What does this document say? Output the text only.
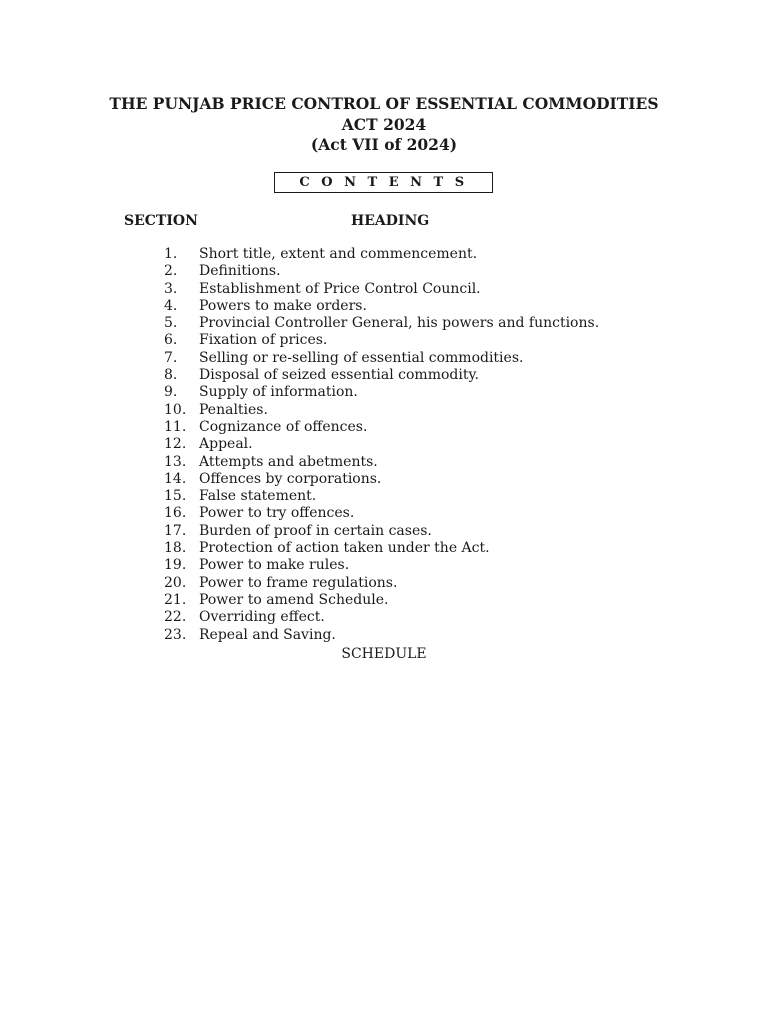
THE PUNJAB PRICE CONTROL OF ESSENTIAL COMMODITIES
ACT 2024
(Act VII of 2024)
C O N T E N T S
SECTION	HEADING
1. Short title, extent and commencement.
2. Definitions.
3. Establishment of Price Control Council.
4. Powers to make orders.
5. Provincial Controller General, his powers and functions.
6. Fixation of prices.
7. Selling or re-selling of essential commodities.
8. Disposal of seized essential commodity.
9. Supply of information.
10. Penalties.
11. Cognizance of offences.
12. Appeal.
13. Attempts and abetments.
14. Offences by corporations.
15. False statement.
16. Power to try offences.
17. Burden of proof in certain cases.
18. Protection of action taken under the Act.
19. Power to make rules.
20. Power to frame regulations.
21. Power to amend Schedule.
22. Overriding effect.
23. Repeal and Saving.
SCHEDULE
